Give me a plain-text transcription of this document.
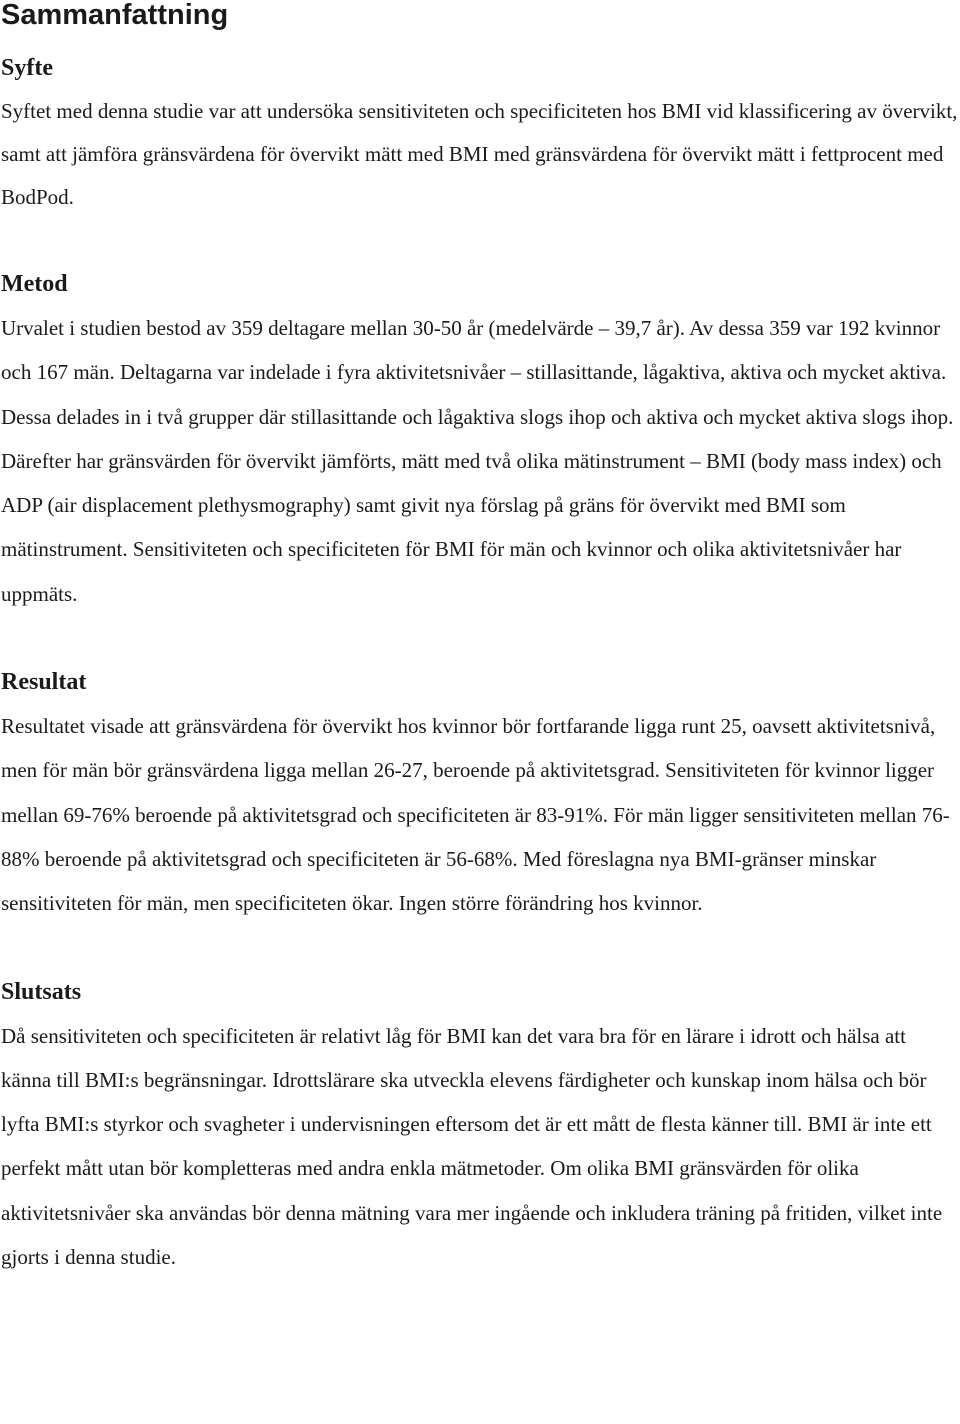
Sammanfattning
Syfte

Syftet med denna studie var att undersöka sensitiviteten och specificiteten hos BMI vid klassificering av övervikt, samt att jämföra gränsvärdena för övervikt mätt med BMI med gränsvärdena för övervikt mätt i fettprocent med BodPod.

Metod

Urvalet i studien bestod av 359 deltagare mellan 30-50 år (medelvärde – 39,7 år). Av dessa 359 var 192 kvinnor och 167 män. Deltagarna var indelade i fyra aktivitetsnivåer – stillasittande, lågaktiva, aktiva och mycket aktiva. Dessa delades in i två grupper där stillasittande och lågaktiva slogs ihop och aktiva och mycket aktiva slogs ihop. Därefter har gränsvärden för övervikt jämförts, mätt med två olika mätinstrument – BMI (body mass index) och ADP (air displacement plethysmography) samt givit nya förslag på gräns för övervikt med BMI som mätinstrument. Sensitiviteten och specificiteten för BMI för män och kvinnor och olika aktivitetsnivåer har uppmäts.

Resultat

Resultatet visade att gränsvärdena för övervikt hos kvinnor bör fortfarande ligga runt 25, oavsett aktivitetsnivå, men för män bör gränsvärdena ligga mellan 26-27, beroende på aktivitetsgrad. Sensitiviteten för kvinnor ligger mellan 69-76% beroende på aktivitetsgrad och specificiteten är 83-91%. För män ligger sensitiviteten mellan 76-88% beroende på aktivitetsgrad och specificiteten är 56-68%. Med föreslagna nya BMI-gränser minskar sensitiviteten för män, men specificiteten ökar. Ingen större förändring hos kvinnor.

Slutsats

Då sensitiviteten och specificiteten är relativt låg för BMI kan det vara bra för en lärare i idrott och hälsa att känna till BMI:s begränsningar. Idrottslärare ska utveckla elevens färdigheter och kunskap inom hälsa och bör lyfta BMI:s styrkor och svagheter i undervisningen eftersom det är ett mått de flesta känner till. BMI är inte ett perfekt mått utan bör kompletteras med andra enkla mätmetoder. Om olika BMI gränsvärden för olika aktivitetsnivåer ska användas bör denna mätning vara mer ingående och inkludera träning på fritiden, vilket inte gjorts i denna studie.
